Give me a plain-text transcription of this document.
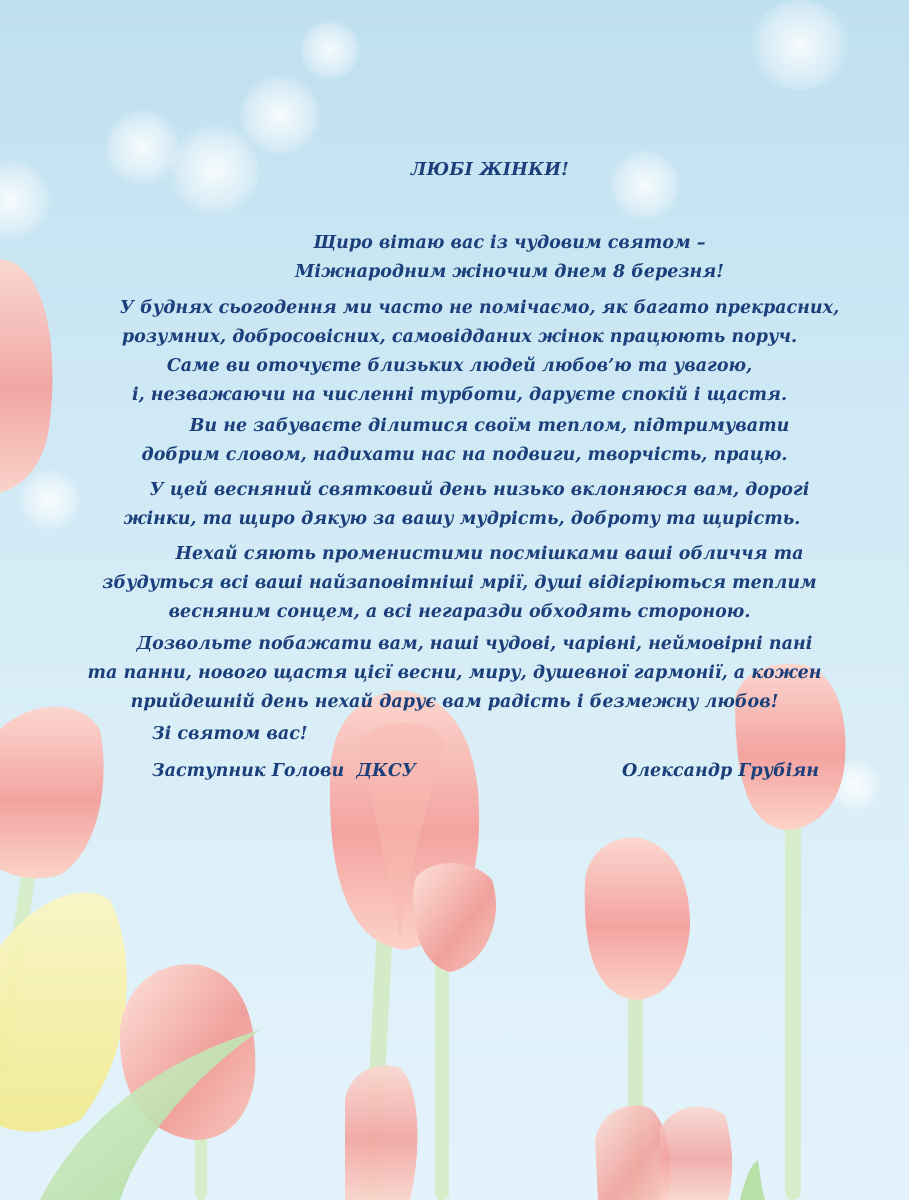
ЛЮБІ ЖІНКИ!
Щиро вітаю вас із чудовим святом –
Міжнародним жіночим днем 8 березня!
У буднях сьогодення ми часто не помічаємо, як багато прекрасних,
розумних, добросовісних, самовідданих жінок працюють поруч.
Саме ви оточуєте близьких людей любов’ю та увагою,
і, незважаючи на численні турботи, даруєте спокій і щастя.
Ви не забуваєте ділитися своїм теплом, підтримувати
добрим словом, надихати нас на подвиги, творчість, працю.
У цей весняний святковий день низько вклоняюся вам, дорогі
жінки, та щиро дякую за вашу мудрість, доброту та щирість.
Нехай сяють променистими посмішками ваші обличчя та
збудуться всі ваші найзаповітніші мрії, душі відігріються теплим
весняним сонцем, а всі негаразди обходять стороною.
Дозвольте побажати вам, наші чудові, чарівні, неймовірні пані
та панни, нового щастя цієї весни, миру, душевної гармонії, а кожен
прийдешній день нехай дарує вам радість і безмежну любов!
Зі святом вас!
Заступник Голови  ДКСУ	Олександр Грубіян
